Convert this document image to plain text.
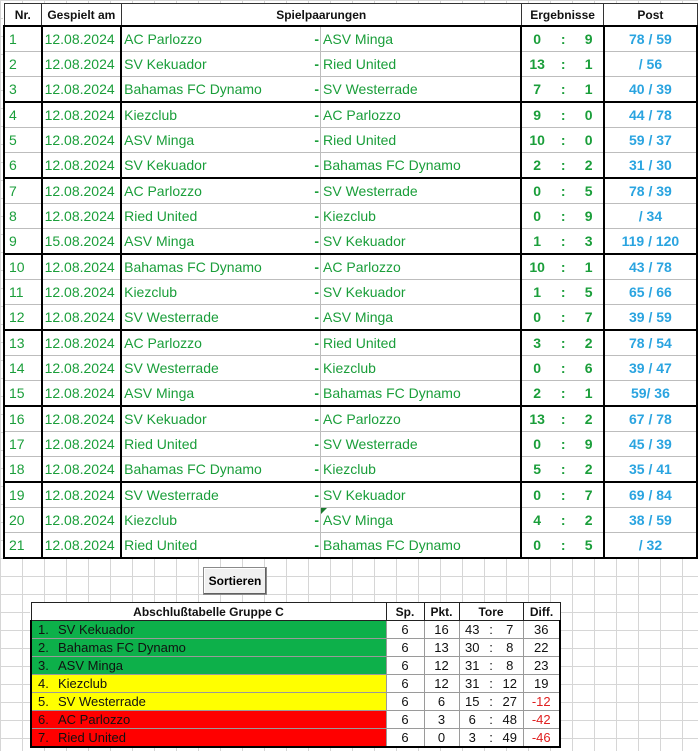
Nr.	Gespielt am	Spielpaarungen			Ergebnisse			Post
1	12.08.2024	AC Parlozzo	-	ASV Minga	0	:	9	78 / 59
2	12.08.2024	SV Kekuador	-	Ried United	13	:	1	/ 56
3	12.08.2024	Bahamas FC Dynamo	-	SV Westerrade	7	:	1	40 / 39
4	12.08.2024	Kiezclub	-	AC Parlozzo	9	:	0	44 / 78
5	12.08.2024	ASV Minga	-	Ried United	10	:	0	59 / 37
6	12.08.2024	SV Kekuador	-	Bahamas FC Dynamo	2	:	2	31 / 30
7	12.08.2024	AC Parlozzo	-	SV Westerrade	0	:	5	78 / 39
8	12.08.2024	Ried United	-	Kiezclub	0	:	9	/ 34
9	15.08.2024	ASV Minga	-	SV Kekuador	1	:	3	119 / 120
10	12.08.2024	Bahamas FC Dynamo	-	AC Parlozzo	10	:	1	43 / 78
11	12.08.2024	Kiezclub	-	SV Kekuador	1	:	5	65 / 66
12	12.08.2024	SV Westerrade	-	ASV Minga	0	:	7	39 / 59
13	12.08.2024	AC Parlozzo	-	Ried United	3	:	2	78 / 54
14	12.08.2024	SV Westerrade	-	Kiezclub	0	:	6	39 / 47
15	12.08.2024	ASV Minga	-	Bahamas FC Dynamo	2	:	1	59/ 36
16	12.08.2024	SV Kekuador	-	AC Parlozzo	13	:	2	67 / 78
17	12.08.2024	Ried United	-	SV Westerrade	0	:	9	45 / 39
18	12.08.2024	Bahamas FC Dynamo	-	Kiezclub	5	:	2	35 / 41
19	12.08.2024	SV Westerrade	-	SV Kekuador	0	:	7	69 / 84
20	12.08.2024	Kiezclub	-	ASV Minga	4	:	2	38 / 59
21	12.08.2024	Ried United	-	Bahamas FC Dynamo	0	:	5	/ 32
Sortieren
Abschlußtabelle Gruppe C		Sp.	Pkt.	Tore			Diff.
1.	SV Kekuador	6	16	43	:	7	36
2.	Bahamas FC Dynamo	6	13	30	:	8	22
3.	ASV Minga	6	12	31	:	8	23
4.	Kiezclub	6	12	31	:	12	19
5.	SV Westerrade	6	6	15	:	27	-12
6.	AC Parlozzo	6	3	6	:	48	-42
7.	Ried United	6	0	3	:	49	-46
